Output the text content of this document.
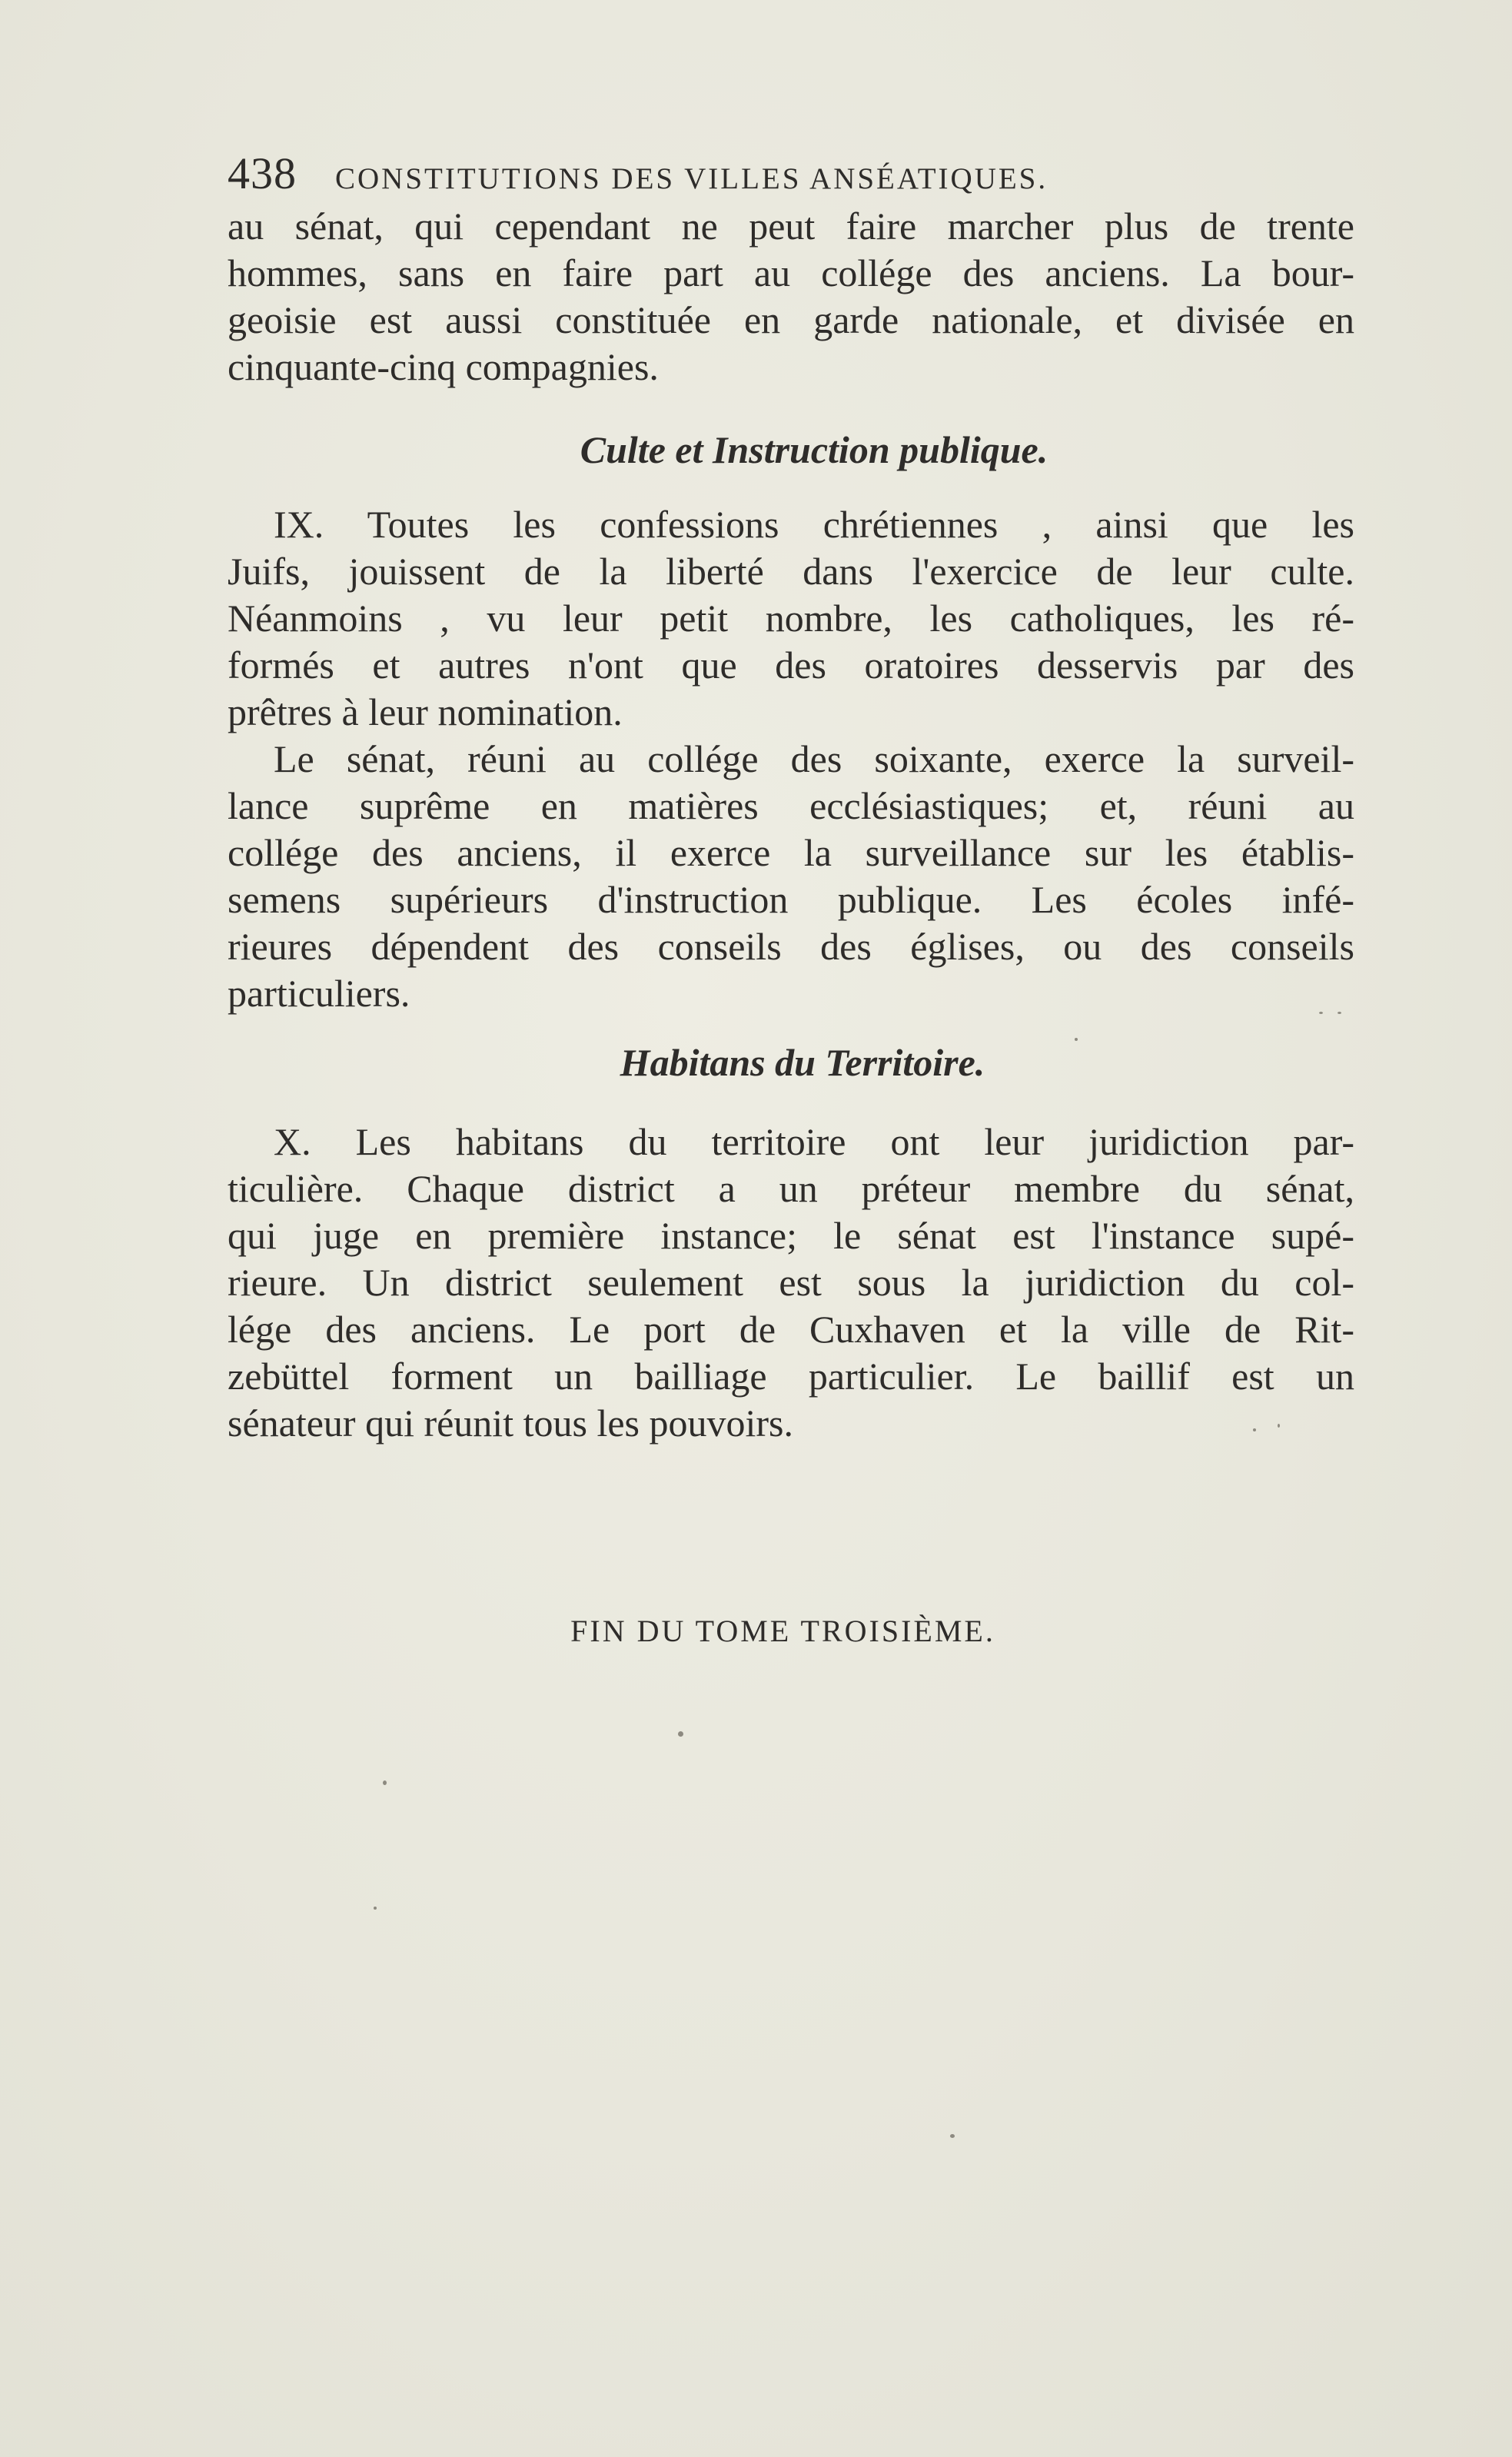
438 CONSTITUTIONS DES VILLES ANSÉATIQUES.

au sénat, qui cependant ne peut faire marcher plus de trente
hommes, sans en faire part au collége des anciens. La bour-
geoisie est aussi constituée en garde nationale, et divisée en
cinquante-cinq compagnies.

Culte et Instruction publique.

IX. Toutes les confessions chrétiennes , ainsi que les
Juifs, jouissent de la liberté dans l'exercice de leur culte.
Néanmoins , vu leur petit nombre, les catholiques, les ré-
formés et autres n'ont que des oratoires desservis par des
prêtres à leur nomination.

Le sénat, réuni au collége des soixante, exerce la surveil-
lance suprême en matières ecclésiastiques; et, réuni au
collége des anciens, il exerce la surveillance sur les établis-
semens supérieurs d'instruction publique. Les écoles infé-
rieures dépendent des conseils des églises, ou des conseils
particuliers.

Habitans du Territoire.

X. Les habitans du territoire ont leur juridiction par-
ticulière. Chaque district a un préteur membre du sénat,
qui juge en première instance; le sénat est l'instance supé-
rieure. Un district seulement est sous la juridiction du col-
lége des anciens. Le port de Cuxhaven et la ville de Rit-
zebüttel forment un bailliage particulier. Le baillif est un
sénateur qui réunit tous les pouvoirs.

FIN DU TOME TROISIÈME.
